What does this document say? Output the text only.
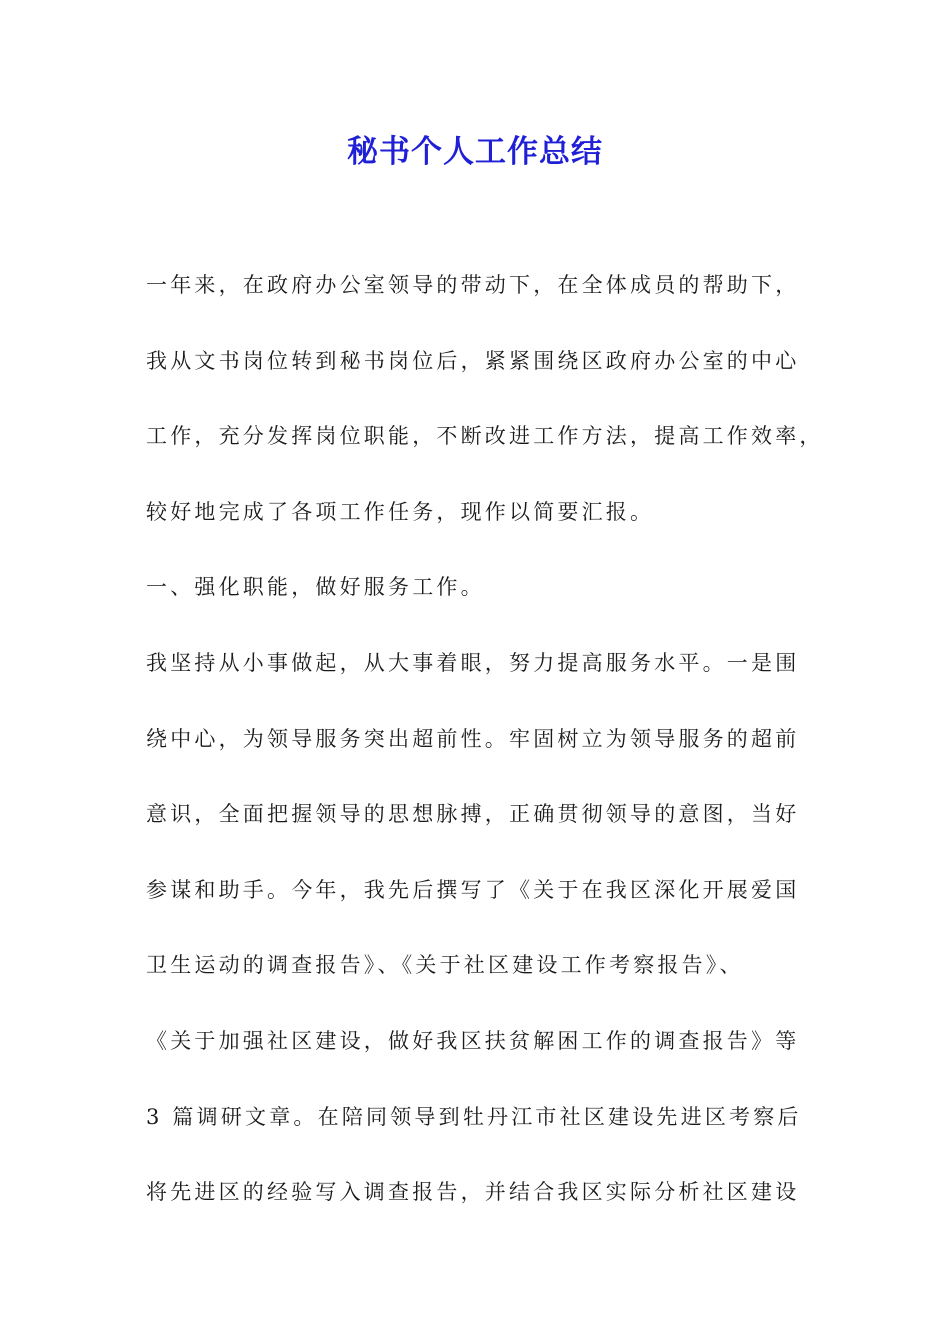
秘书个人工作总结
一年来，在政府办公室领导的带动下，在全体成员的帮助下，
我从文书岗位转到秘书岗位后，紧紧围绕区政府办公室的中心
工作，充分发挥岗位职能，不断改进工作方法，提高工作效率，
较好地完成了各项工作任务，现作以简要汇报。
一、强化职能，做好服务工作。
我坚持从小事做起，从大事着眼，努力提高服务水平。一是围
绕中心，为领导服务突出超前性。牢固树立为领导服务的超前
意识，全面把握领导的思想脉搏，正确贯彻领导的意图，当好
参谋和助手。今年，我先后撰写了《关于在我区深化开展爱国
卫生运动的调查报告》、《关于社区建设工作考察报告》、
《关于加强社区建设，做好我区扶贫解困工作的调查报告》等
3 篇调研文章。在陪同领导到牡丹江市社区建设先进区考察后
将先进区的经验写入调查报告，并结合我区实际分析社区建设
